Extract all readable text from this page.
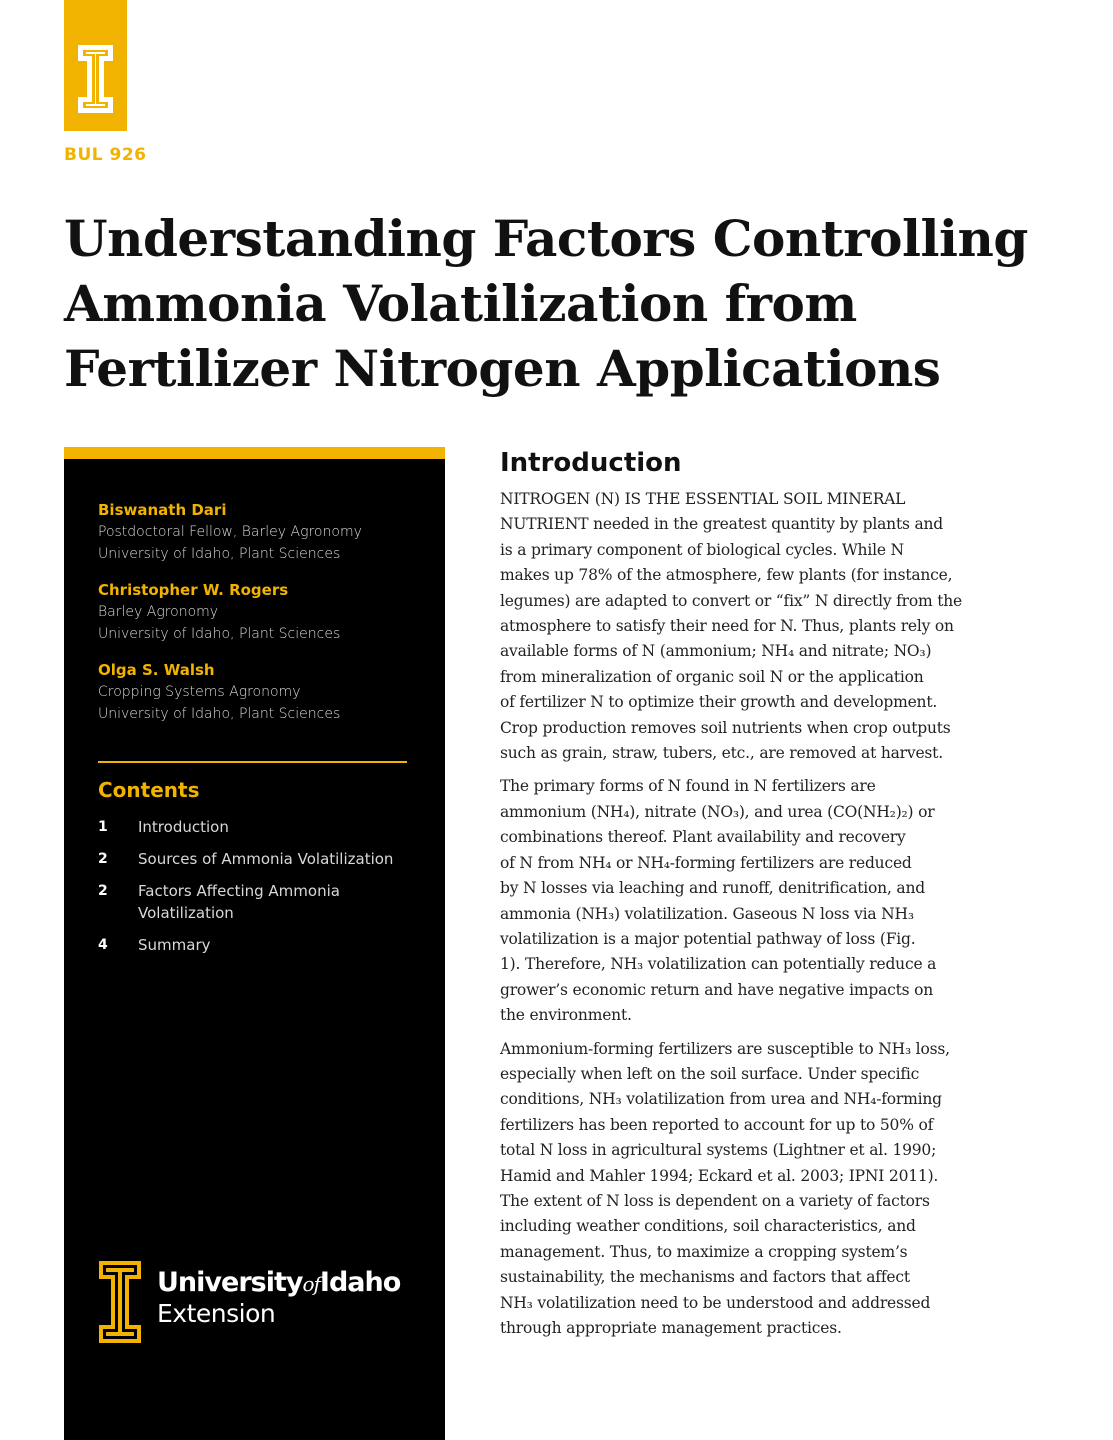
BUL 926
Understanding Factors Controlling
Ammonia Volatilization from
Fertilizer Nitrogen Applications
Biswanath Dari
Postdoctoral Fellow, Barley Agronomy
University of Idaho, Plant Sciences
Christopher W. Rogers
Barley Agronomy
University of Idaho, Plant Sciences
Olga S. Walsh
Cropping Systems Agronomy
University of Idaho, Plant Sciences
Contents
1	Introduction
2	Sources of Ammonia Volatilization
2	Factors Affecting Ammonia Volatilization
4	Summary
UniversityofIdaho
Extension
Introduction

NITROGEN (N) IS THE ESSENTIAL SOIL MINERAL
NUTRIENT needed in the greatest quantity by plants and
is a primary component of biological cycles. While N
makes up 78% of the atmosphere, few plants (for instance,
legumes) are adapted to convert or “fix” N directly from the
atmosphere to satisfy their need for N. Thus, plants rely on
available forms of N (ammonium; NH₄ and nitrate; NO₃)
from mineralization of organic soil N or the application
of fertilizer N to optimize their growth and development.
Crop production removes soil nutrients when crop outputs
such as grain, straw, tubers, etc., are removed at harvest.

The primary forms of N found in N fertilizers are
ammonium (NH₄), nitrate (NO₃), and urea (CO(NH₂)₂) or
combinations thereof. Plant availability and recovery
of N from NH₄ or NH₄-forming fertilizers are reduced
by N losses via leaching and runoff, denitrification, and
ammonia (NH₃) volatilization. Gaseous N loss via NH₃
volatilization is a major potential pathway of loss (Fig.
1). Therefore, NH₃ volatilization can potentially reduce a
grower’s economic return and have negative impacts on
the environment.

Ammonium-forming fertilizers are susceptible to NH₃ loss,
especially when left on the soil surface. Under specific
conditions, NH₃ volatilization from urea and NH₄-forming
fertilizers has been reported to account for up to 50% of
total N loss in agricultural systems (Lightner et al. 1990;
Hamid and Mahler 1994; Eckard et al. 2003; IPNI 2011).
The extent of N loss is dependent on a variety of factors
including weather conditions, soil characteristics, and
management. Thus, to maximize a cropping system’s
sustainability, the mechanisms and factors that affect
NH₃ volatilization need to be understood and addressed
through appropriate management practices.
